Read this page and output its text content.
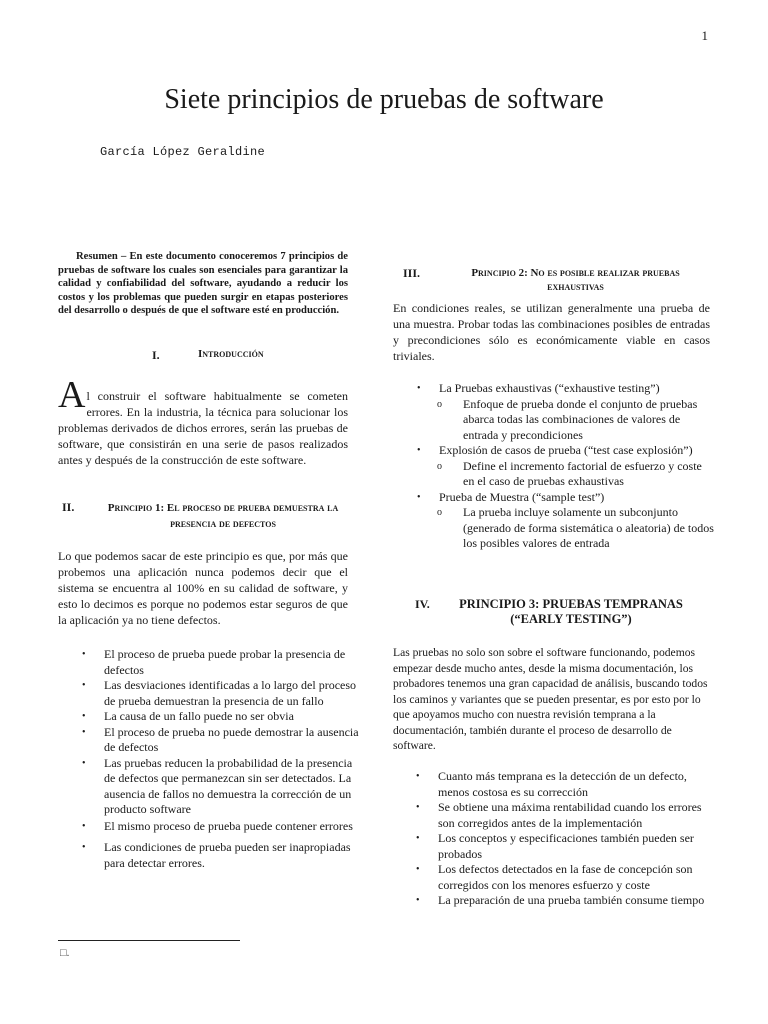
1
Siete principios de pruebas de software
García López Geraldine

Resumen – En este documento conoceremos 7 principios de pruebas de software los cuales son esenciales para garantizar la calidad y confiabilidad del software, ayudando a reducir los costos y los problemas que pueden surgir en etapas posteriores del desarrollo o después de que el software esté en producción.

I.	Introducción
A l construir el software habitualmente se cometen errores. En la industria, la técnica para solucionar los problemas derivados de dichos errores, serán las pruebas de software, que consistirán en una serie de pasos realizados antes y después de la construcción de este software.

II.	Principio 1: El proceso de prueba demuestra la presencia de defectos

Lo que podemos sacar de este principio es que, por más que probemos una aplicación nunca podemos decir que el sistema se encuentra al 100% en su calidad de software, y esto lo decimos es porque no podemos estar seguros de que la aplicación ya no tiene defectos.

• El proceso de prueba puede probar la presencia de defectos
• Las desviaciones identificadas a lo largo del proceso de prueba demuestran la presencia de un fallo
• La causa de un fallo puede no ser obvia
• El proceso de prueba no puede demostrar la ausencia de defectos
• Las pruebas reducen la probabilidad de la presencia de defectos que permanezcan sin ser detectados. La ausencia de fallos no demuestra la corrección de un producto software
• El mismo proceso de prueba puede contener errores
• Las condiciones de prueba pueden ser inapropiadas para detectar errores.
□.
III.	Principio 2: No es posible realizar pruebas exhaustivas

En condiciones reales, se utilizan generalmente una prueba de una muestra. Probar todas las combinaciones posibles de entradas y precondiciones sólo es económicamente viable en casos triviales.

• La Pruebas exhaustivas (“exhaustive testing”)
o Enfoque de prueba donde el conjunto de pruebas abarca todas las combinaciones de valores de entrada y precondiciones
• Explosión de casos de prueba (“test case explosión”)
o Define el incremento factorial de esfuerzo y coste en el caso de pruebas exhaustivas
• Prueba de Muestra (“sample test”)
o La prueba incluye solamente un subconjunto (generado de forma sistemática o aleatoria) de todos los posibles valores de entrada
IV.	PRINCIPIO 3: PRUEBAS TEMPRANAS (“EARLY TESTING”)

Las pruebas no solo son sobre el software funcionando, podemos empezar desde mucho antes, desde la misma documentación, los probadores tenemos una gran capacidad de análisis, buscando todos los caminos y variantes que se pueden presentar, es por esto por lo que apoyamos mucho con nuestra revisión temprana a la documentación, también durante el proceso de desarrollo de software.

• Cuanto más temprana es la detección de un defecto, menos costosa es su corrección
• Se obtiene una máxima rentabilidad cuando los errores son corregidos antes de la implementación
• Los conceptos y especificaciones también pueden ser probados
• Los defectos detectados en la fase de concepción son corregidos con los menores esfuerzo y coste
• La preparación de una prueba también consume tiempo
